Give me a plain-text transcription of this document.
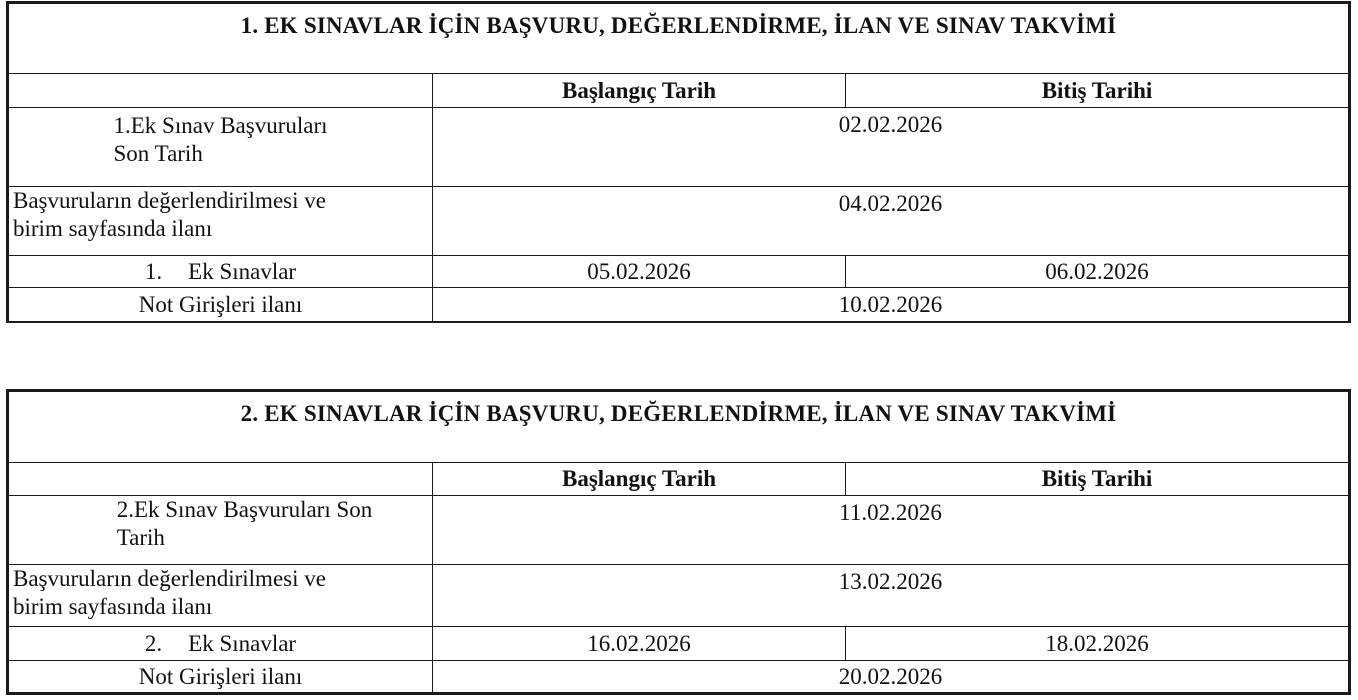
1. EK SINAVLAR İÇİN BAŞVURU, DEĞERLENDİRME, İLAN VE SINAV TAKVİMİ		
	Başlangıç Tarih	Bitiş Tarihi
1.Ek Sınav Başvuruları
Son Tarih	02.02.2026	
Başvuruların değerlendirilmesi ve
birim sayfasında ilanı	04.02.2026	
1. Ek Sınavlar	05.02.2026	06.02.2026
Not Girişleri ilanı	10.02.2026	
2. EK SINAVLAR İÇİN BAŞVURU, DEĞERLENDİRME, İLAN VE SINAV TAKVİMİ		
	Başlangıç Tarih	Bitiş Tarihi
2.Ek Sınav Başvuruları Son
Tarih	11.02.2026	
Başvuruların değerlendirilmesi ve
birim sayfasında ilanı	13.02.2026	
2. Ek Sınavlar	16.02.2026	18.02.2026
Not Girişleri ilanı	20.02.2026	
